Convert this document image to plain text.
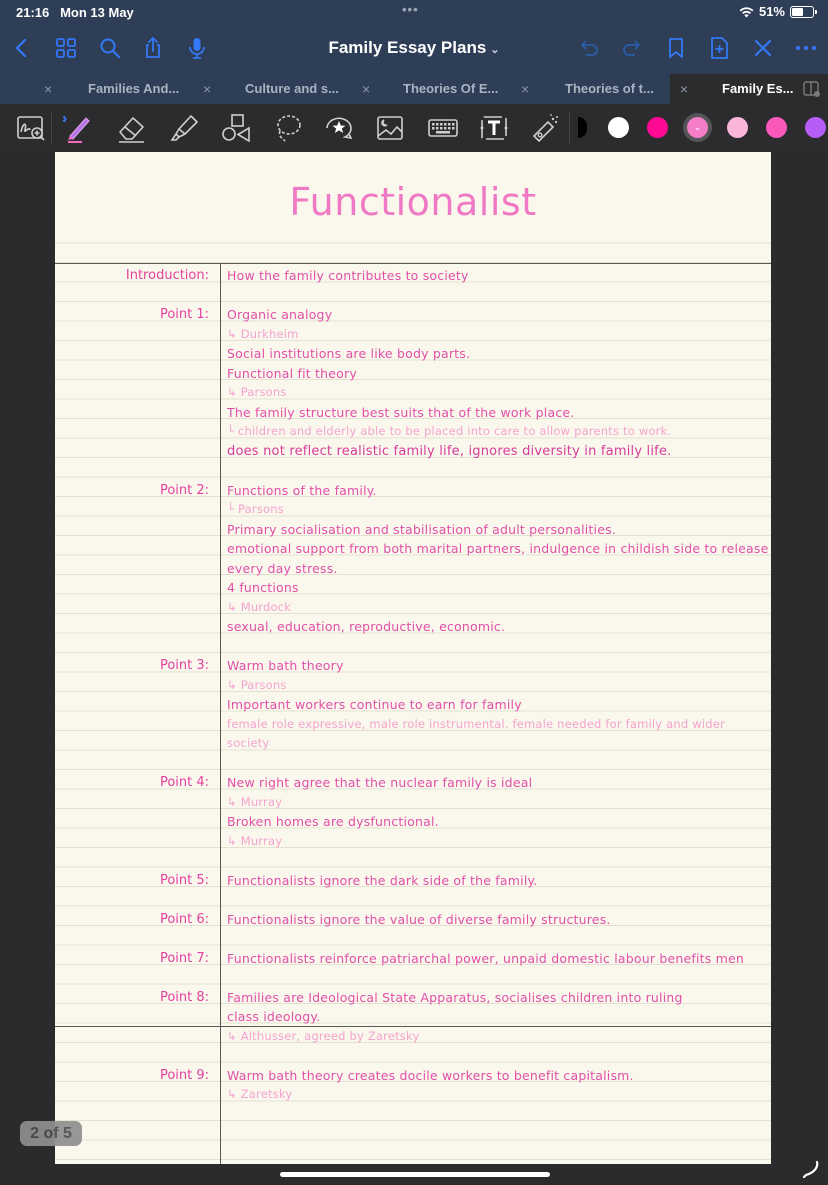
21:16 Mon 13 May	•••	51%
Family Essay Plans ⌄
×	Families And... ×	Culture and s... ×	Theories Of E... ×	Theories of t... ×	Family Es...
⌄
Functionalist
Introduction: How the family contributes to society
Point 1: Organic analogy
↳ Durkheim
Social institutions are like body parts.
Functional fit theory
↳ Parsons
The family structure best suits that of the work place.
└ children and elderly able to be placed into care to allow parents to work.
does not reflect realistic family life, ignores diversity in family life.
Point 2: Functions of the family.
└ Parsons
Primary socialisation and stabilisation of adult personalities.
emotional support from both marital partners, indulgence in childish side to release
every day stress.
4 functions
↳ Murdock
sexual, education, reproductive, economic.
Point 3: Warm bath theory
↳ Parsons
Important workers continue to earn for family
female role expressive, male role instrumental. female needed for family and wider
society
Point 4: New right agree that the nuclear family is ideal
↳ Murray
Broken homes are dysfunctional.
↳ Murray
Point 5: Functionalists ignore the dark side of the family.
Point 6: Functionalists ignore the value of diverse family structures.
Point 7: Functionalists reinforce patriarchal power, unpaid domestic labour benefits men
Point 8: Families are Ideological State Apparatus, socialises children into ruling
class ideology.
↳ Althusser, agreed by Zaretsky
Point 9: Warm bath theory creates docile workers to benefit capitalism.
↳ Zaretsky
2 of 5
